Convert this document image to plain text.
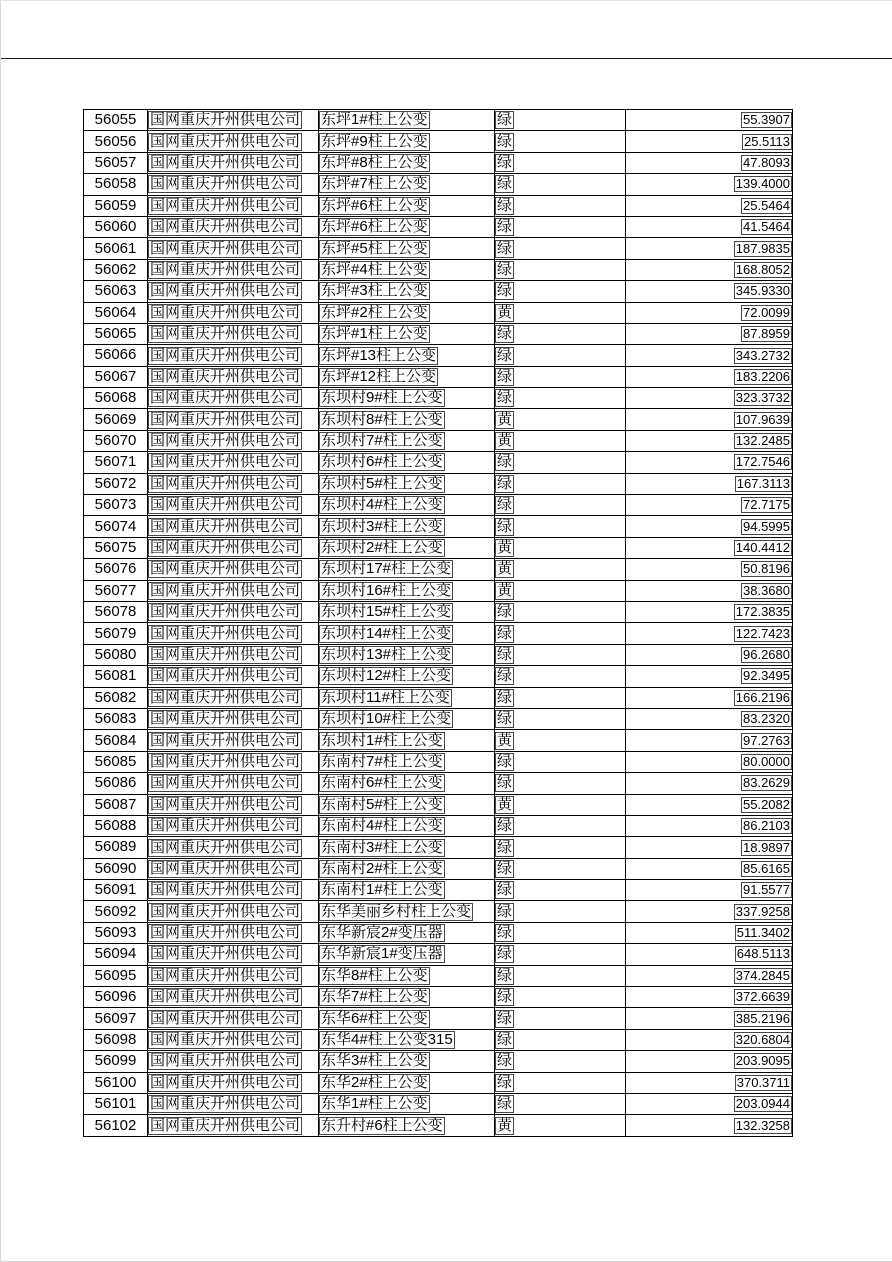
56055	国网重庆开州供电公司	东坪1#柱上公变	绿	55.3907
56056	国网重庆开州供电公司	东坪#9柱上公变	绿	25.5113
56057	国网重庆开州供电公司	东坪#8柱上公变	绿	47.8093
56058	国网重庆开州供电公司	东坪#7柱上公变	绿	139.4000
56059	国网重庆开州供电公司	东坪#6柱上公变	绿	25.5464
56060	国网重庆开州供电公司	东坪#6柱上公变	绿	41.5464
56061	国网重庆开州供电公司	东坪#5柱上公变	绿	187.9835
56062	国网重庆开州供电公司	东坪#4柱上公变	绿	168.8052
56063	国网重庆开州供电公司	东坪#3柱上公变	绿	345.9330
56064	国网重庆开州供电公司	东坪#2柱上公变	黄	72.0099
56065	国网重庆开州供电公司	东坪#1柱上公变	绿	87.8959
56066	国网重庆开州供电公司	东坪#13柱上公变	绿	343.2732
56067	国网重庆开州供电公司	东坪#12柱上公变	绿	183.2206
56068	国网重庆开州供电公司	东坝村9#柱上公变	绿	323.3732
56069	国网重庆开州供电公司	东坝村8#柱上公变	黄	107.9639
56070	国网重庆开州供电公司	东坝村7#柱上公变	黄	132.2485
56071	国网重庆开州供电公司	东坝村6#柱上公变	绿	172.7546
56072	国网重庆开州供电公司	东坝村5#柱上公变	绿	167.3113
56073	国网重庆开州供电公司	东坝村4#柱上公变	绿	72.7175
56074	国网重庆开州供电公司	东坝村3#柱上公变	绿	94.5995
56075	国网重庆开州供电公司	东坝村2#柱上公变	黄	140.4412
56076	国网重庆开州供电公司	东坝村17#柱上公变	黄	50.8196
56077	国网重庆开州供电公司	东坝村16#柱上公变	黄	38.3680
56078	国网重庆开州供电公司	东坝村15#柱上公变	绿	172.3835
56079	国网重庆开州供电公司	东坝村14#柱上公变	绿	122.7423
56080	国网重庆开州供电公司	东坝村13#柱上公变	绿	96.2680
56081	国网重庆开州供电公司	东坝村12#柱上公变	绿	92.3495
56082	国网重庆开州供电公司	东坝村11#柱上公变	绿	166.2196
56083	国网重庆开州供电公司	东坝村10#柱上公变	绿	83.2320
56084	国网重庆开州供电公司	东坝村1#柱上公变	黄	97.2763
56085	国网重庆开州供电公司	东南村7#柱上公变	绿	80.0000
56086	国网重庆开州供电公司	东南村6#柱上公变	绿	83.2629
56087	国网重庆开州供电公司	东南村5#柱上公变	黄	55.2082
56088	国网重庆开州供电公司	东南村4#柱上公变	绿	86.2103
56089	国网重庆开州供电公司	东南村3#柱上公变	绿	18.9897
56090	国网重庆开州供电公司	东南村2#柱上公变	绿	85.6165
56091	国网重庆开州供电公司	东南村1#柱上公变	绿	91.5577
56092	国网重庆开州供电公司	东华美丽乡村柱上公变	绿	337.9258
56093	国网重庆开州供电公司	东华新宸2#变压器	绿	511.3402
56094	国网重庆开州供电公司	东华新宸1#变压器	绿	648.5113
56095	国网重庆开州供电公司	东华8#柱上公变	绿	374.2845
56096	国网重庆开州供电公司	东华7#柱上公变	绿	372.6639
56097	国网重庆开州供电公司	东华6#柱上公变	绿	385.2196
56098	国网重庆开州供电公司	东华4#柱上公变315	绿	320.6804
56099	国网重庆开州供电公司	东华3#柱上公变	绿	203.9095
56100	国网重庆开州供电公司	东华2#柱上公变	绿	370.3711
56101	国网重庆开州供电公司	东华1#柱上公变	绿	203.0944
56102	国网重庆开州供电公司	东升村#6柱上公变	黄	132.3258
